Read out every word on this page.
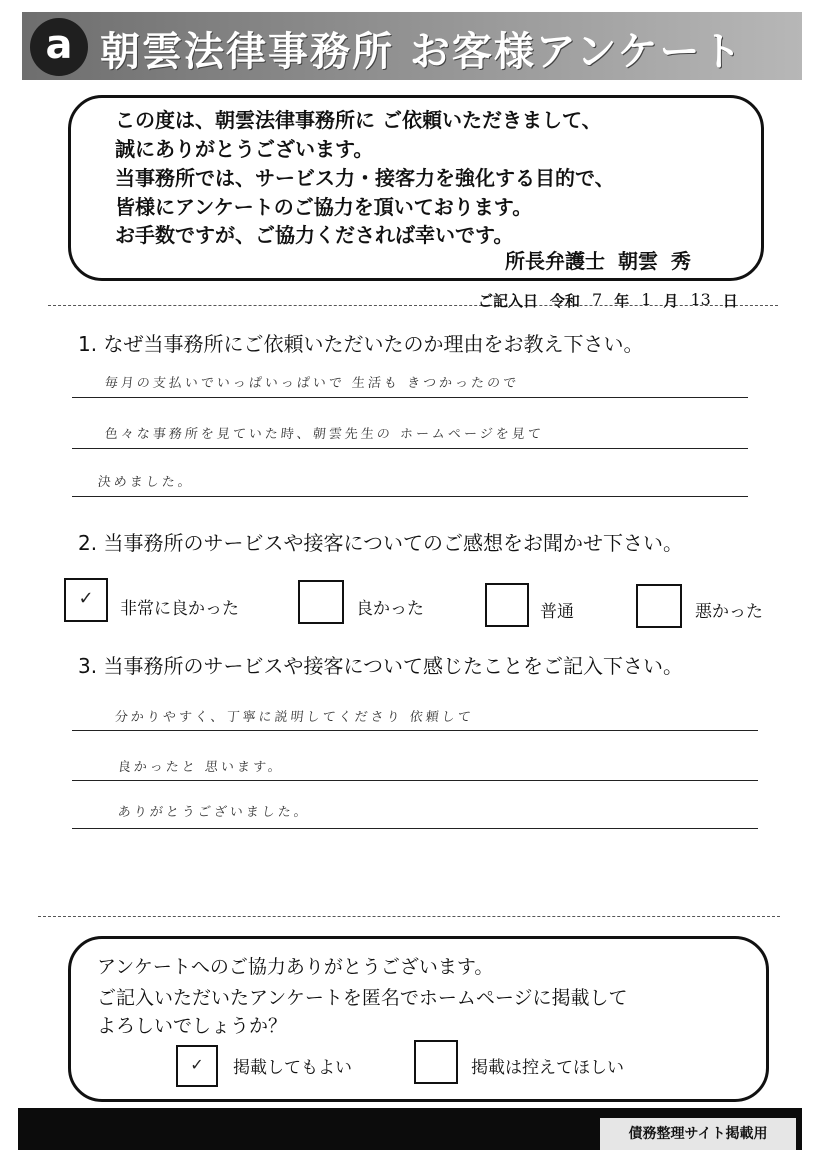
a 朝雲法律事務所 お客様アンケート
この度は、朝雲法律事務所に ご依頼いただきまして、
誠にありがとうございます。
当事務所では、サービス力・接客力を強化する目的で、
皆様にアンケートのご協力を頂いております。
お手数ですが、ご協力くだされば幸いです。
所長弁護士 朝雲 秀
ご記入日 令和 7 年 1 月 13 日
1. なぜ当事務所にご依頼いただいたのか理由をお教え下さい。
毎月の支払いでいっぱいっぱいで 生活も きつかったので
色々な事務所を見ていた時、朝雲先生の ホームページを見て
決めました。
2. 当事務所のサービスや接客についてのご感想をお聞かせ下さい。
✓	非常に良かった	良かった	普通	悪かった
3. 当事務所のサービスや接客について感じたことをご記入下さい。
分かりやすく、丁寧に説明してくださり 依頼して
良かったと 思います。
ありがとうございました。
アンケートへのご協力ありがとうございます。
ご記入いただいたアンケートを匿名でホームページに掲載して
よろしいでしょうか？
✓	掲載してもよい	掲載は控えてほしい
債務整理サイト掲載用
